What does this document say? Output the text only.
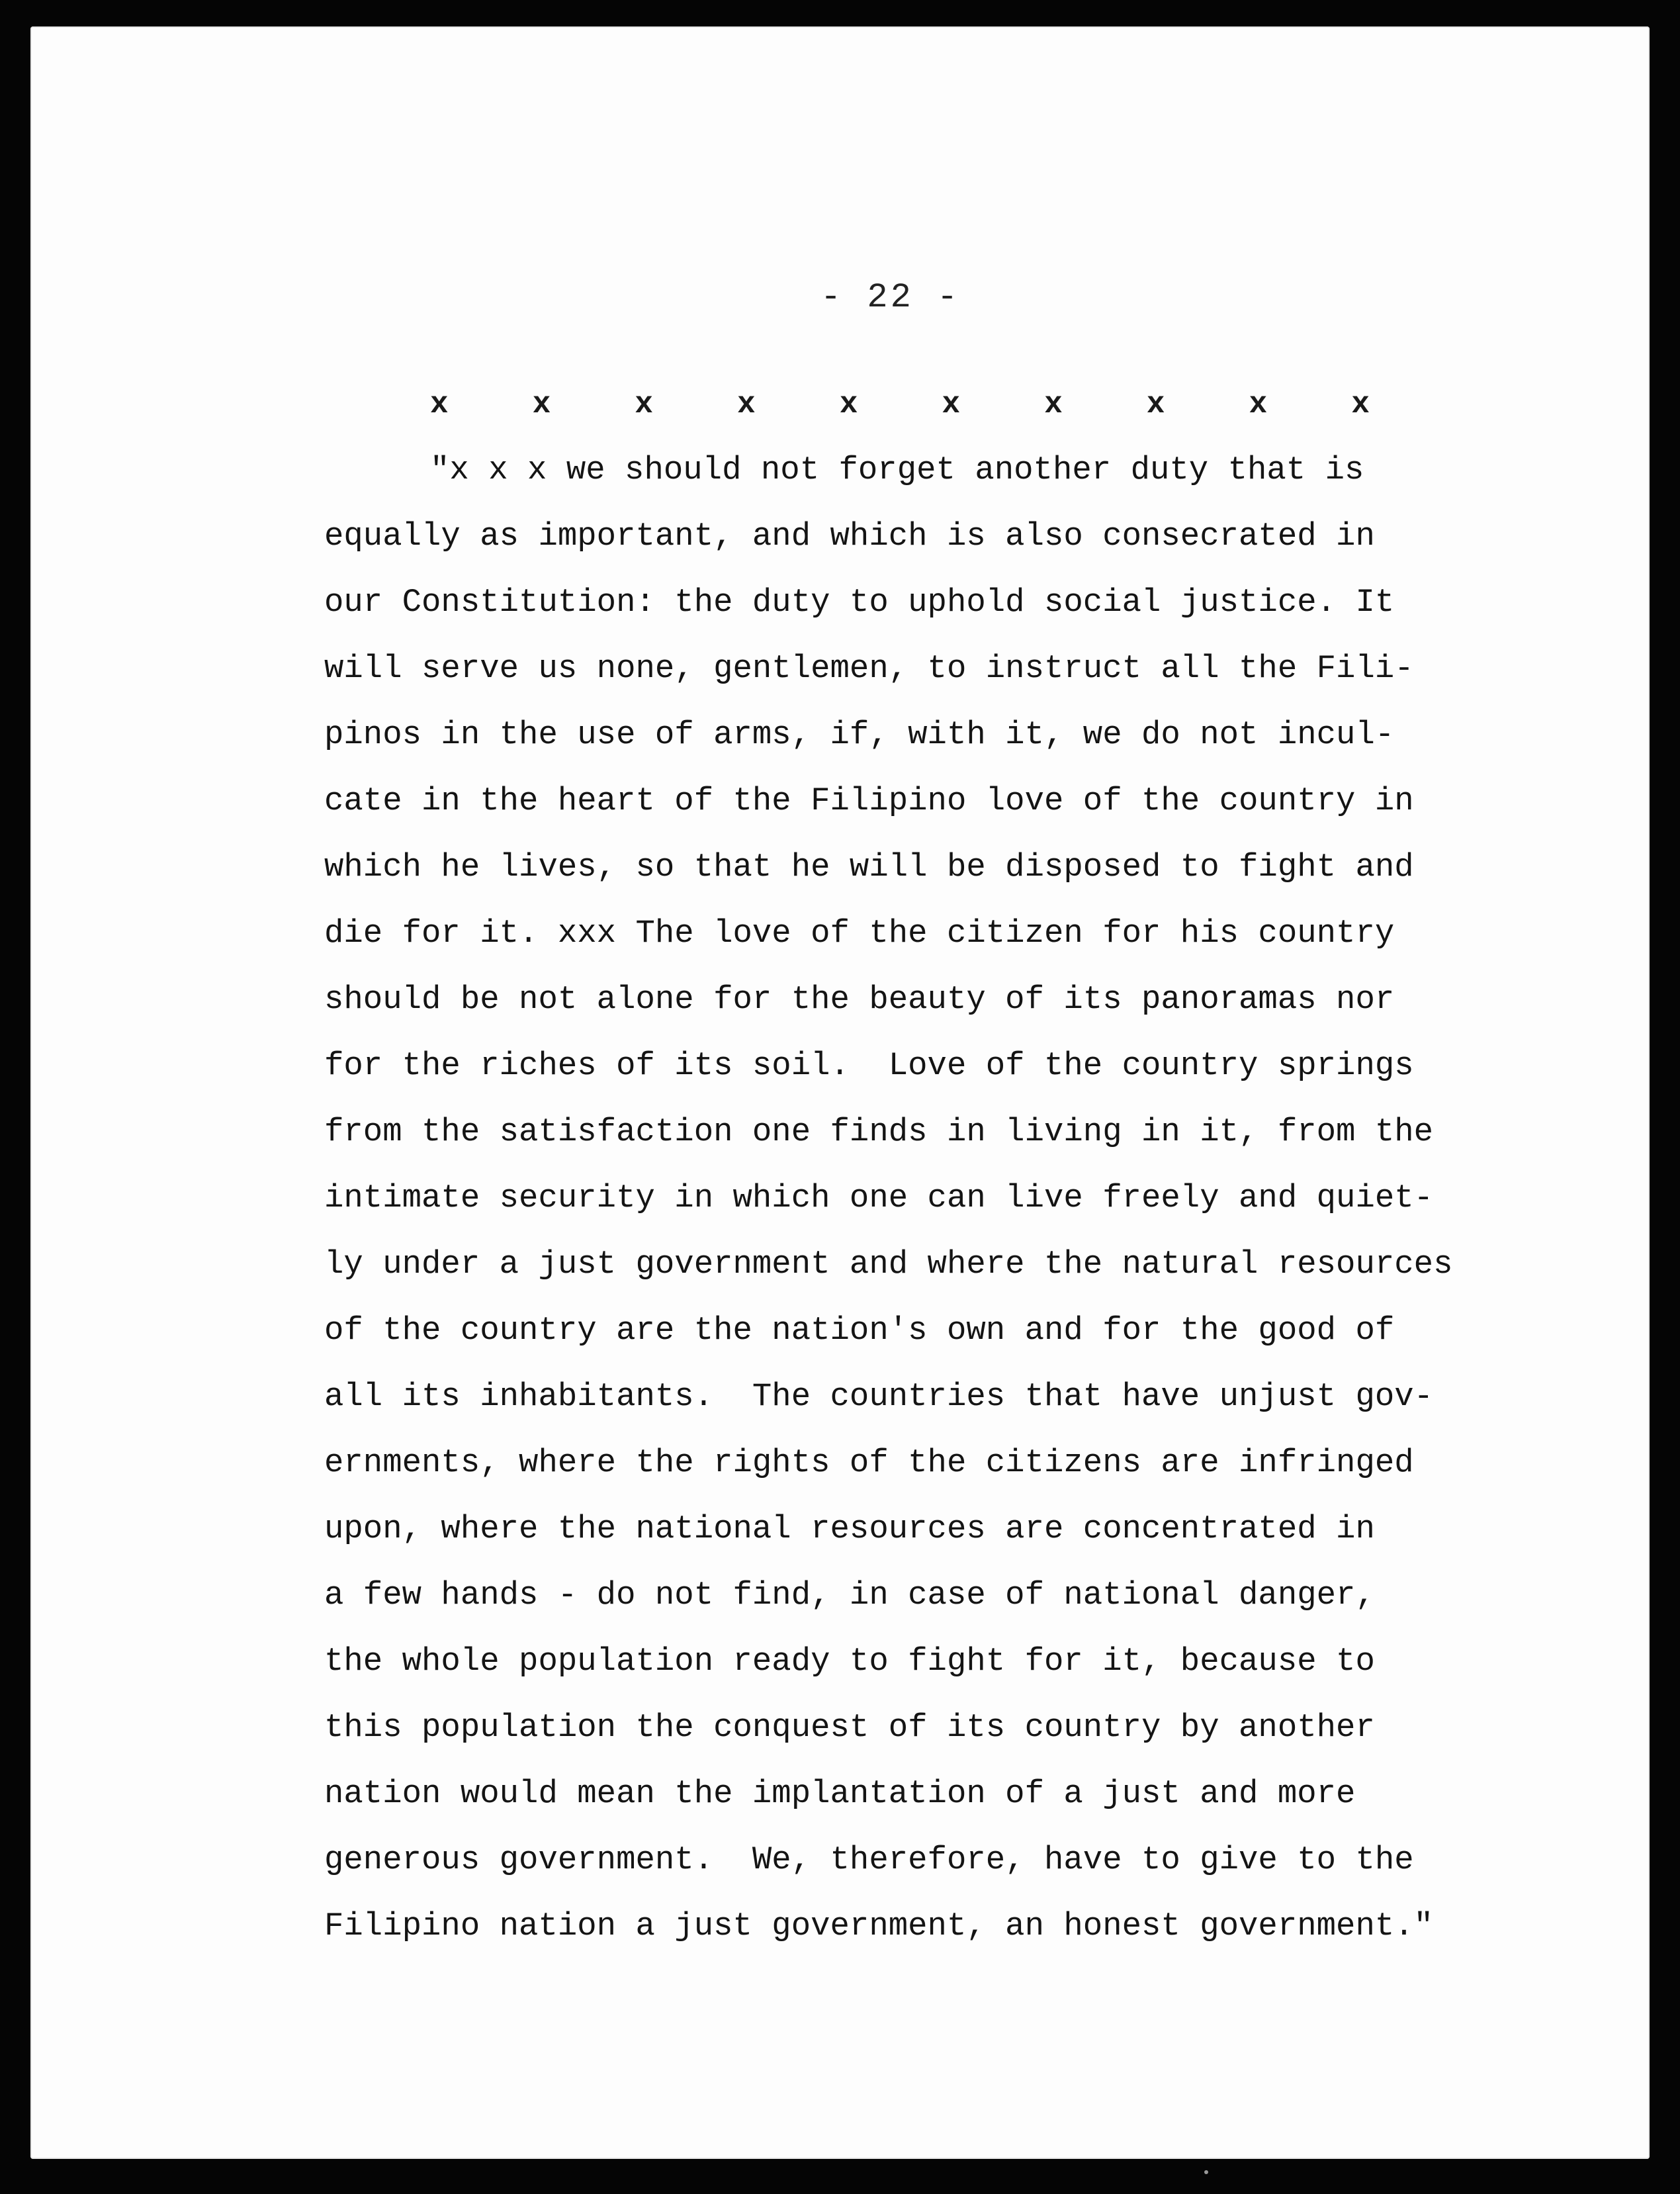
- 22 -
x	x	x	x	x	x	x	x	x	x
"x x x we should not forget another duty that is
equally as important, and which is also consecrated in
our Constitution: the duty to uphold social justice. It
will serve us none, gentlemen, to instruct all the Fili-
pinos in the use of arms, if, with it, we do not incul-
cate in the heart of the Filipino love of the country in
which he lives, so that he will be disposed to fight and
die for it. xxx The love of the citizen for his country
should be not alone for the beauty of its panoramas nor
for the riches of its soil.  Love of the country springs
from the satisfaction one finds in living in it, from the
intimate security in which one can live freely and quiet-
ly under a just government and where the natural resources
of the country are the nation's own and for the good of
all its inhabitants.  The countries that have unjust gov-
ernments, where the rights of the citizens are infringed
upon, where the national resources are concentrated in
a few hands - do not find, in case of national danger,
the whole population ready to fight for it, because to
this population the conquest of its country by another
nation would mean the implantation of a just and more
generous government.  We, therefore, have to give to the
Filipino nation a just government, an honest government."
